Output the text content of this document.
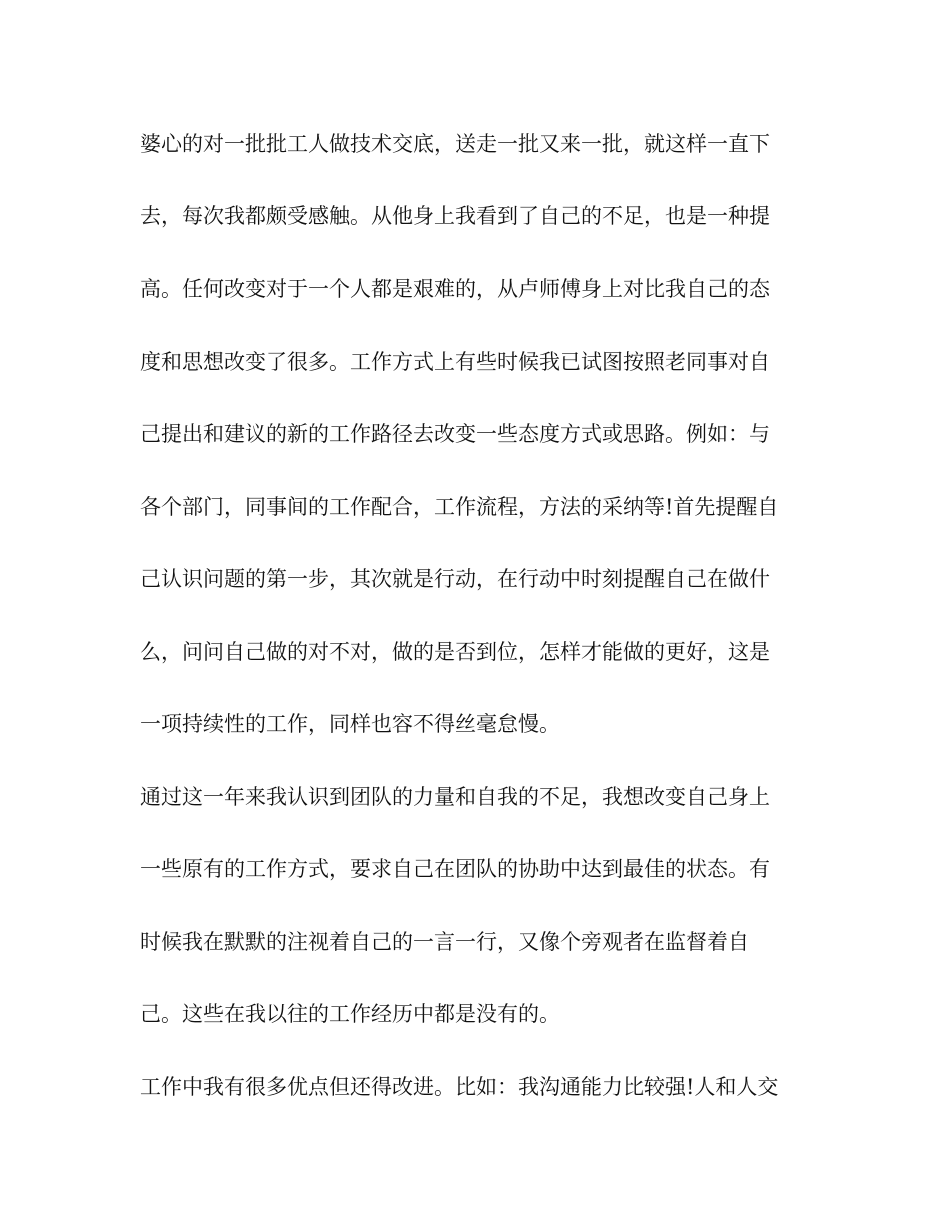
婆心的对一批批工人做技术交底，送走一批又来一批，就这样一直下
去，每次我都颇受感触。从他身上我看到了自己的不足，也是一种提
高。任何改变对于一个人都是艰难的，从卢师傅身上对比我自己的态
度和思想改变了很多。工作方式上有些时候我已试图按照老同事对自
己提出和建议的新的工作路径去改变一些态度方式或思路。例如：与
各个部门，同事间的工作配合，工作流程，方法的采纳等!首先提醒自
己认识问题的第一步，其次就是行动，在行动中时刻提醒自己在做什
么，问问自己做的对不对，做的是否到位，怎样才能做的更好，这是
一项持续性的工作，同样也容不得丝毫怠慢。
通过这一年来我认识到团队的力量和自我的不足，我想改变自己身上
一些原有的工作方式，要求自己在团队的协助中达到最佳的状态。有
时候我在默默的注视着自己的一言一行，又像个旁观者在监督着自
己。这些在我以往的工作经历中都是没有的。
工作中我有很多优点但还得改进。比如：我沟通能力比较强!人和人交
